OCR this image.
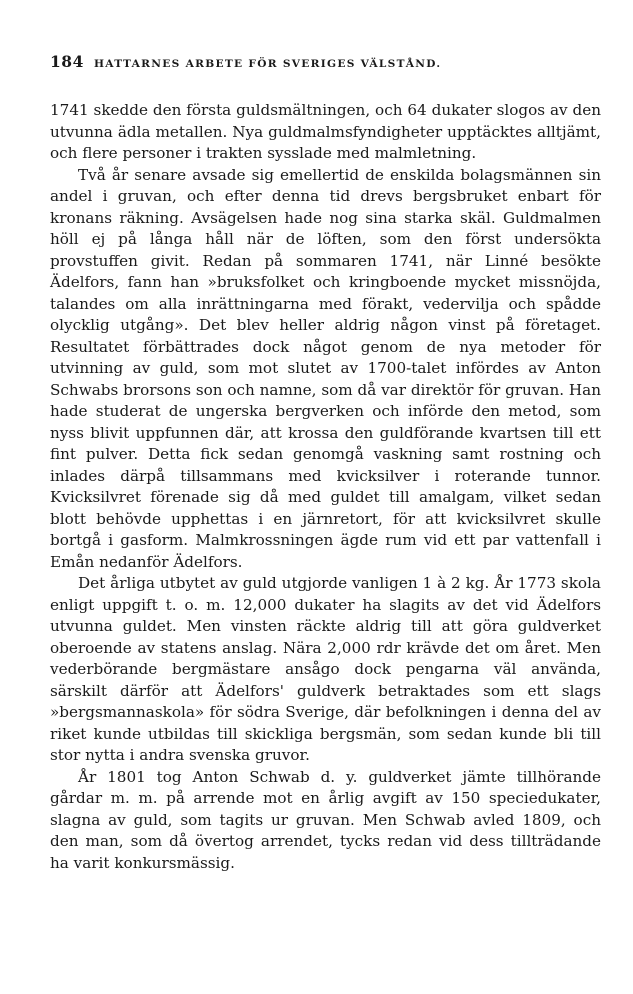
184 HATTARNES ARBETE FÖR SVERIGES VÄLSTÅND.

1741 skedde den första guldsmältningen, och 64 dukater slogos av den utvunna ädla metallen. Nya guldmalmsfyndigheter upptäcktes alltjämt, och flere personer i trakten sysslade med malmletning.

Två år senare avsade sig emellertid de enskilda bolagsmännen sin andel i gruvan, och efter denna tid drevs bergsbruket enbart för kronans räkning. Avsägelsen hade nog sina starka skäl. Guldmalmen höll ej på långa håll när de löften, som den först undersökta provstuffen givit. Redan på sommaren 1741, när Linné besökte Ädelfors, fann han »bruksfolket och kringboende mycket missnöjda, talandes om alla inrättningarna med förakt, vedervilja och spådde olycklig utgång». Det blev heller aldrig någon vinst på företaget. Resultatet förbättrades dock något genom de nya metoder för utvinning av guld, som mot slutet av 1700-talet infördes av Anton Schwabs brorsons son och namne, som då var direktör för gruvan. Han hade studerat de ungerska bergverken och införde den metod, som nyss blivit uppfunnen där, att krossa den guldförande kvartsen till ett fint pulver. Detta fick sedan genomgå vaskning samt rostning och inlades därpå tillsammans med kvicksilver i roterande tunnor. Kvicksilvret förenade sig då med guldet till amalgam, vilket sedan blott behövde upphettas i en järnretort, för att kvicksilvret skulle bortgå i gasform. Malmkrossningen ägde rum vid ett par vattenfall i Emån nedanför Ädelfors.

Det årliga utbytet av guld utgjorde vanligen 1 à 2 kg. År 1773 skola enligt uppgift t. o. m. 12,000 dukater ha slagits av det vid Ädelfors utvunna guldet. Men vinsten räckte aldrig till att göra guldverket oberoende av statens anslag. Nära 2,000 rdr krävde det om året. Men vederbörande bergmästare ansågo dock pengarna väl använda, särskilt därför att Ädelfors' guldverk betraktades som ett slags »bergsmannaskola» för södra Sverige, där befolkningen i denna del av riket kunde utbildas till skickliga bergsmän, som sedan kunde bli till stor nytta i andra svenska gruvor.

År 1801 tog Anton Schwab d. y. guldverket jämte tillhörande gårdar m. m. på arrende mot en årlig avgift av 150 speciedukater, slagna av guld, som tagits ur gruvan. Men Schwab avled 1809, och den man, som då övertog arrendet, tycks redan vid dess tillträdande ha varit konkursmässig.
